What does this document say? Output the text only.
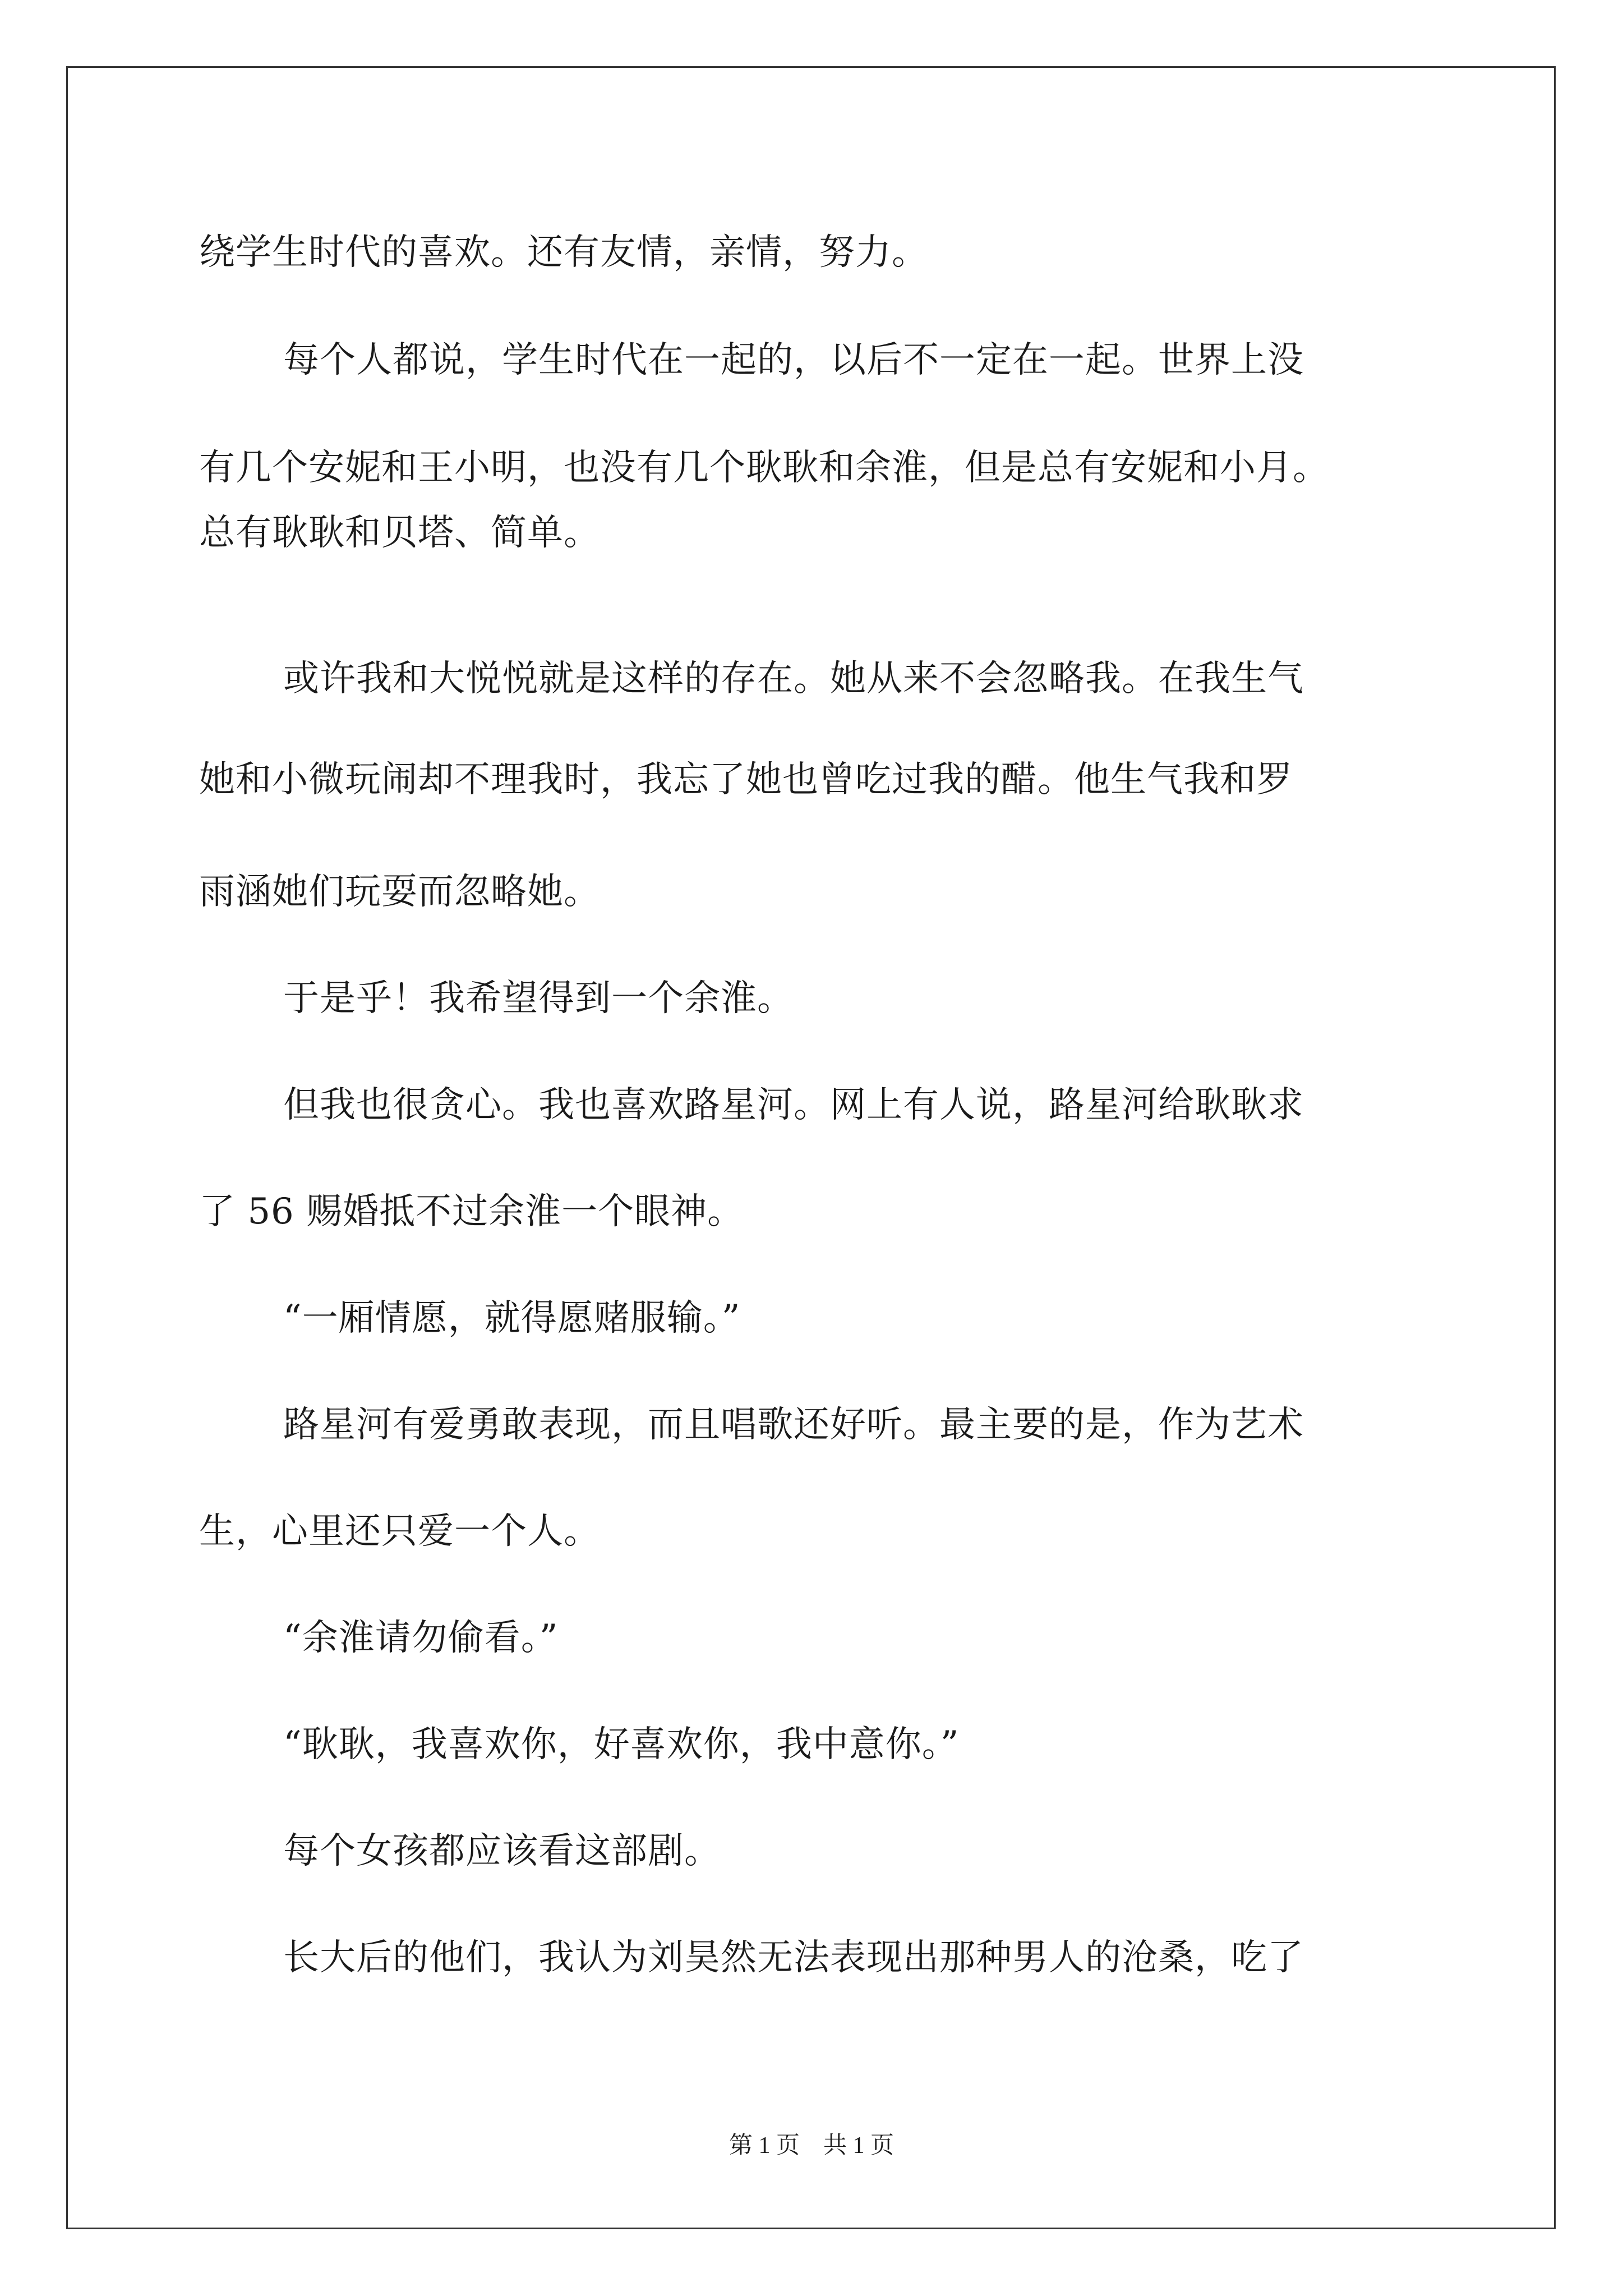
绕学生时代的喜欢。还有友情，亲情，努力。

每个人都说，学生时代在一起的，以后不一定在一起。世界上没

有几个安妮和王小明，也没有几个耿耿和余淮，但是总有安妮和小月。

总有耿耿和贝塔、简单。

或许我和大悦悦就是这样的存在。她从来不会忽略我。在我生气

她和小微玩闹却不理我时，我忘了她也曾吃过我的醋。他生气我和罗

雨涵她们玩耍而忽略她。

于是乎！我希望得到一个余淮。

但我也很贪心。我也喜欢路星河。网上有人说，路星河给耿耿求

了 56 赐婚抵不过余淮一个眼神。

“一厢情愿，就得愿赌服输。”

路星河有爱勇敢表现，而且唱歌还好听。最主要的是，作为艺术

生，心里还只爱一个人。

“余淮请勿偷看。”

“耿耿，我喜欢你，好喜欢你，我中意你。”

每个女孩都应该看这部剧。

长大后的他们，我认为刘昊然无法表现出那种男人的沧桑，吃了

第 1 页　共 1 页
